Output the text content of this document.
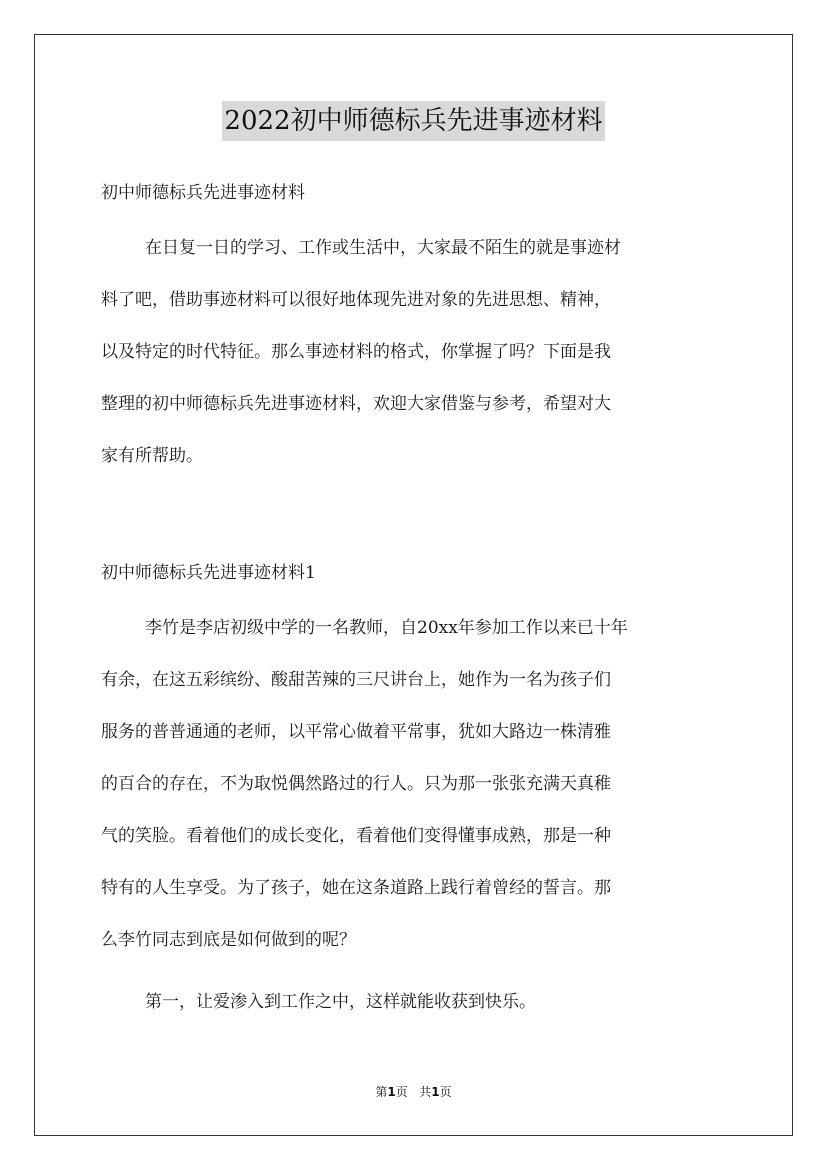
2022初中师德标兵先进事迹材料
初中师德标兵先进事迹材料
在日复一日的学习、工作或生活中，大家最不陌生的就是事迹材
料了吧，借助事迹材料可以很好地体现先进对象的先进思想、精神，
以及特定的时代特征。那么事迹材料的格式，你掌握了吗？下面是我
整理的初中师德标兵先进事迹材料，欢迎大家借鉴与参考，希望对大
家有所帮助。
初中师德标兵先进事迹材料1
李竹是李店初级中学的一名教师，自20xx年参加工作以来已十年
有余，在这五彩缤纷、酸甜苦辣的三尺讲台上，她作为一名为孩子们
服务的普普通通的老师，以平常心做着平常事，犹如大路边一株清雅
的百合的存在，不为取悦偶然路过的行人。只为那一张张充满天真稚
气的笑脸。看着他们的成长变化，看着他们变得懂事成熟，那是一种
特有的人生享受。为了孩子，她在这条道路上践行着曾经的誓言。那
么李竹同志到底是如何做到的呢？
第一，让爱渗入到工作之中，这样就能收获到快乐。
第1页 共1页
